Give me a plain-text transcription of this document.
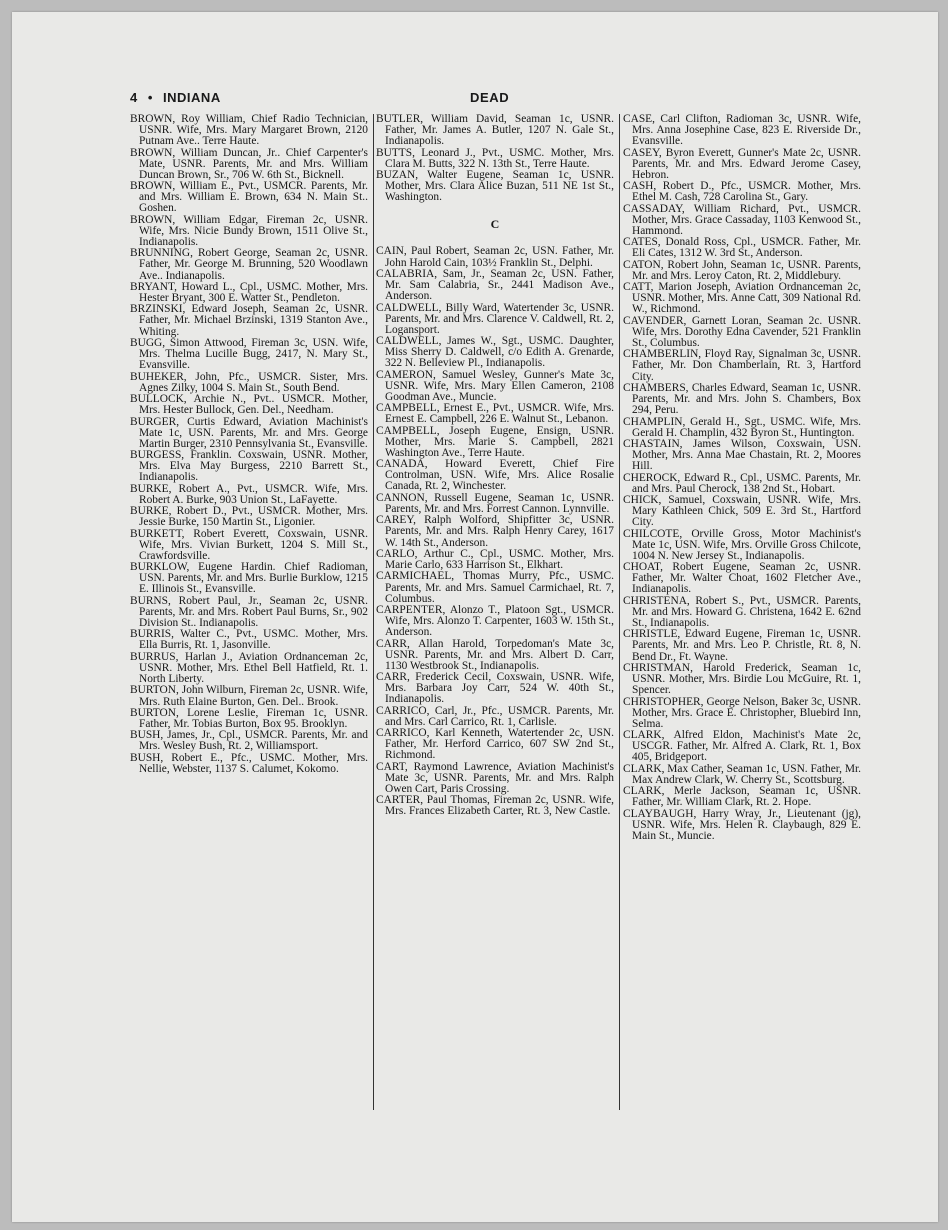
4 • INDIANA	DEAD

BROWN, Roy William, Chief Radio Technician, USNR. Wife, Mrs. Mary Margaret Brown, 2120 Putnam Ave.. Terre Haute.

BROWN, William Duncan, Jr.. Chief Carpenter's Mate, USNR. Parents, Mr. and Mrs. William Duncan Brown, Sr., 706 W. 6th St., Bicknell.

BROWN, William E., Pvt., USMCR. Parents, Mr. and Mrs. William E. Brown, 634 N. Main St.. Goshen.

BROWN, William Edgar, Fireman 2c, USNR. Wife, Mrs. Nicie Bundy Brown, 1511 Olive St., Indianapolis.

BRUNNING, Robert George, Seaman 2c, USNR. Father, Mr. George M. Brunning, 520 Woodlawn Ave.. Indianapolis.

BRYANT, Howard L., Cpl., USMC. Mother, Mrs. Hester Bryant, 300 E. Watter St., Pendleton.

BRZINSKI, Edward Joseph, Seaman 2c, USNR. Father, Mr. Michael Brzinski, 1319 Stanton Ave., Whiting.

BUGG, Simon Attwood, Fireman 3c, USN. Wife, Mrs. Thelma Lucille Bugg, 2417, N. Mary St., Evansville.

BUHEKER, John, Pfc., USMCR. Sister, Mrs. Agnes Zilky, 1004 S. Main St., South Bend.

BULLOCK, Archie N., Pvt.. USMCR. Mother, Mrs. Hester Bullock, Gen. Del., Needham.

BURGER, Curtis Edward, Aviation Machinist's Mate 1c, USN. Parents, Mr. and Mrs. George Martin Burger, 2310 Pennsylvania St., Evansville.

BURGESS, Franklin. Coxswain, USNR. Mother, Mrs. Elva May Burgess, 2210 Barrett St., Indianapolis.

BURKE, Robert A., Pvt., USMCR. Wife, Mrs. Robert A. Burke, 903 Union St., LaFayette.

BURKE, Robert D., Pvt., USMCR. Mother, Mrs. Jessie Burke, 150 Martin St., Ligonier.

BURKETT, Robert Everett, Coxswain, USNR. Wife, Mrs. Vivian Burkett, 1204 S. Mill St., Crawfordsville.

BURKLOW, Eugene Hardin. Chief Radioman, USN. Parents, Mr. and Mrs. Burlie Burklow, 1215 E. Illinois St., Evansville.

BURNS, Robert Paul, Jr., Seaman 2c, USNR. Parents, Mr. and Mrs. Robert Paul Burns, Sr., 902 Division St.. Indianapolis.

BURRIS, Walter C., Pvt., USMC. Mother, Mrs. Ella Burris, Rt. 1, Jasonville.

BURRUS, Harlan J., Aviation Ordnanceman 2c, USNR. Mother, Mrs. Ethel Bell Hatfield, Rt. 1. North Liberty.

BURTON, John Wilburn, Fireman 2c, USNR. Wife, Mrs. Ruth Elaine Burton, Gen. Del.. Brook.

BURTON, Lorene Leslie, Fireman 1c, USNR. Father, Mr. Tobias Burton, Box 95. Brooklyn.

BUSH, James, Jr., Cpl., USMCR. Parents, Mr. and Mrs. Wesley Bush, Rt. 2, Williamsport.

BUSH, Robert E., Pfc., USMC. Mother, Mrs. Nellie, Webster, 1137 S. Calumet, Kokomo.

BUTLER, William David, Seaman 1c, USNR. Father, Mr. James A. Butler, 1207 N. Gale St., Indianapolis.

BUTTS, Leonard J., Pvt., USMC. Mother, Mrs. Clara M. Butts, 322 N. 13th St., Terre Haute.

BUZAN, Walter Eugene, Seaman 1c, USNR. Mother, Mrs. Clara Alice Buzan, 511 NE 1st St., Washington.

C

CAIN, Paul Robert, Seaman 2c, USN. Father, Mr. John Harold Cain, 103½ Franklin St., Delphi.

CALABRIA, Sam, Jr., Seaman 2c, USN. Father, Mr. Sam Calabria, Sr., 2441 Madison Ave., Anderson.

CALDWELL, Billy Ward, Watertender 3c, USNR. Parents, Mr. and Mrs. Clarence V. Caldwell, Rt. 2, Logansport.

CALDWELL, James W., Sgt., USMC. Daughter, Miss Sherry D. Caldwell, c/o Edith A. Grenarde, 322 N. Belleview Pl., Indianapolis.

CAMERON, Samuel Wesley, Gunner's Mate 3c, USNR. Wife, Mrs. Mary Ellen Cameron, 2108 Goodman Ave., Muncie.

CAMPBELL, Ernest E., Pvt., USMCR. Wife, Mrs. Ernest E. Campbell, 226 E. Walnut St., Lebanon.

CAMPBELL, Joseph Eugene, Ensign, USNR. Mother, Mrs. Marie S. Campbell, 2821 Washington Ave., Terre Haute.

CANADA, Howard Everett, Chief Fire Controlman, USN. Wife, Mrs. Alice Rosalie Canada, Rt. 2, Winchester.

CANNON, Russell Eugene, Seaman 1c, USNR. Parents, Mr. and Mrs. Forrest Cannon. Lynnville.

CAREY, Ralph Wolford, Shipfitter 3c, USNR. Parents, Mr. and Mrs. Ralph Henry Carey, 1617 W. 14th St., Anderson.

CARLO, Arthur C., Cpl., USMC. Mother, Mrs. Marie Carlo, 633 Harrison St., Elkhart.

CARMICHAEL, Thomas Murry, Pfc., USMC. Parents, Mr. and Mrs. Samuel Carmichael, Rt. 7, Columbus.

CARPENTER, Alonzo T., Platoon Sgt., USMCR. Wife, Mrs. Alonzo T. Carpenter, 1603 W. 15th St., Anderson.

CARR, Allan Harold, Torpedoman's Mate 3c, USNR. Parents, Mr. and Mrs. Albert D. Carr, 1130 Westbrook St., Indianapolis.

CARR, Frederick Cecil, Coxswain, USNR. Wife, Mrs. Barbara Joy Carr, 524 W. 40th St., Indianapolis.

CARRICO, Carl, Jr., Pfc., USMCR. Parents, Mr. and Mrs. Carl Carrico, Rt. 1, Carlisle.

CARRICO, Karl Kenneth, Watertender 2c, USN. Father, Mr. Herford Carrico, 607 SW 2nd St., Richmond.

CART, Raymond Lawrence, Aviation Machinist's Mate 3c, USNR. Parents, Mr. and Mrs. Ralph Owen Cart, Paris Crossing.

CARTER, Paul Thomas, Fireman 2c, USNR. Wife, Mrs. Frances Elizabeth Carter, Rt. 3, New Castle.

CASE, Carl Clifton, Radioman 3c, USNR. Wife, Mrs. Anna Josephine Case, 823 E. Riverside Dr., Evansville.

CASEY, Byron Everett, Gunner's Mate 2c, USNR. Parents, Mr. and Mrs. Edward Jerome Casey, Hebron.

CASH, Robert D., Pfc., USMCR. Mother, Mrs. Ethel M. Cash, 728 Carolina St., Gary.

CASSADAY, William Richard, Pvt., USMCR. Mother, Mrs. Grace Cassaday, 1103 Kenwood St., Hammond.

CATES, Donald Ross, Cpl., USMCR. Father, Mr. Eli Cates, 1312 W. 3rd St., Anderson.

CATON, Robert John, Seaman 1c, USNR. Parents, Mr. and Mrs. Leroy Caton, Rt. 2, Middlebury.

CATT, Marion Joseph, Aviation Ordnanceman 2c, USNR. Mother, Mrs. Anne Catt, 309 National Rd. W., Richmond.

CAVENDER, Garnett Loran, Seaman 2c. USNR. Wife, Mrs. Dorothy Edna Cavender, 521 Franklin St., Columbus.

CHAMBERLIN, Floyd Ray, Signalman 3c, USNR. Father, Mr. Don Chamberlain, Rt. 3, Hartford City.

CHAMBERS, Charles Edward, Seaman 1c, USNR. Parents, Mr. and Mrs. John S. Chambers, Box 294, Peru.

CHAMPLIN, Gerald H., Sgt., USMC. Wife, Mrs. Gerald H. Champlin, 432 Byron St., Huntington.

CHASTAIN, James Wilson, Coxswain, USN. Mother, Mrs. Anna Mae Chastain, Rt. 2, Moores Hill.

CHEROCK, Edward R., Cpl., USMC. Parents, Mr. and Mrs. Paul Cherock, 138 2nd St., Hobart.

CHICK, Samuel, Coxswain, USNR. Wife, Mrs. Mary Kathleen Chick, 509 E. 3rd St., Hartford City.

CHILCOTE, Orville Gross, Motor Machinist's Mate 1c, USN. Wife, Mrs. Orville Gross Chilcote, 1004 N. New Jersey St., Indianapolis.

CHOAT, Robert Eugene, Seaman 2c, USNR. Father, Mr. Walter Choat, 1602 Fletcher Ave., Indianapolis.

CHRISTENA, Robert S., Pvt., USMCR. Parents, Mr. and Mrs. Howard G. Christena, 1642 E. 62nd St., Indianapolis.

CHRISTLE, Edward Eugene, Fireman 1c, USNR. Parents, Mr. and Mrs. Leo P. Christle, Rt. 8, N. Bend Dr., Ft. Wayne.

CHRISTMAN, Harold Frederick, Seaman 1c, USNR. Mother, Mrs. Birdie Lou McGuire, Rt. 1, Spencer.

CHRISTOPHER, George Nelson, Baker 3c, USNR. Mother, Mrs. Grace E. Christopher, Bluebird Inn, Selma.

CLARK, Alfred Eldon, Machinist's Mate 2c, USCGR. Father, Mr. Alfred A. Clark, Rt. 1, Box 405, Bridgeport.

CLARK, Max Cather, Seaman 1c, USN. Father, Mr. Max Andrew Clark, W. Cherry St., Scottsburg.

CLARK, Merle Jackson, Seaman 1c, USNR. Father, Mr. William Clark, Rt. 2. Hope.

CLAYBAUGH, Harry Wray, Jr., Lieutenant (jg), USNR. Wife, Mrs. Helen R. Claybaugh, 829 E. Main St., Muncie.
